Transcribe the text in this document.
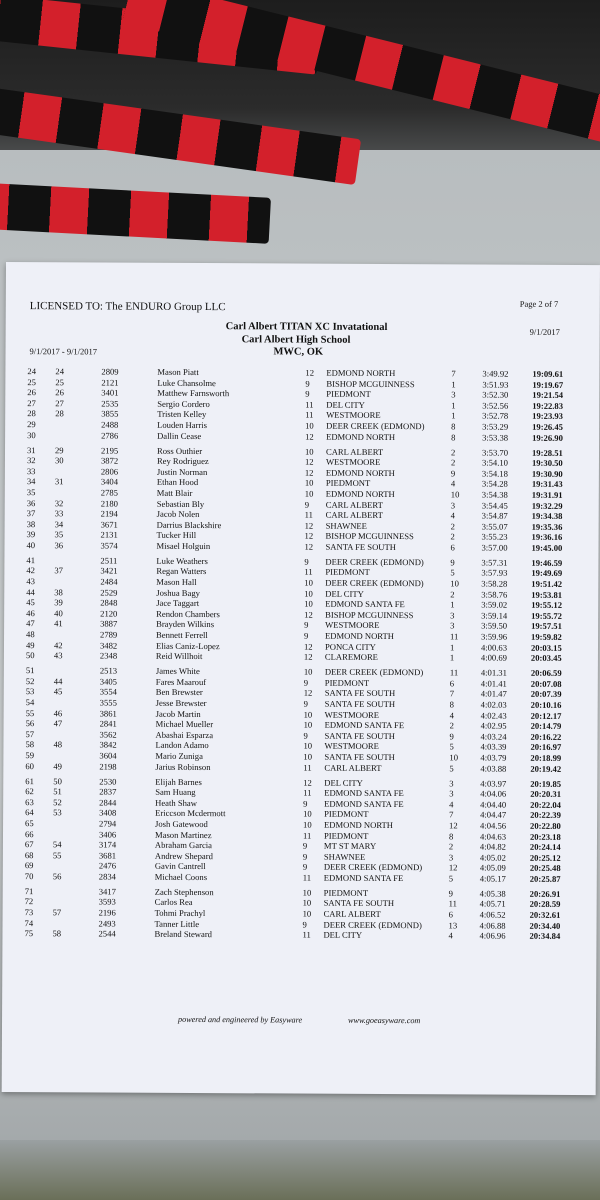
LICENSED TO: The ENDURO Group LLC	Page 2 of 7
Carl Albert TITAN XC Invatational	9/1/2017
Carl Albert High School
MWC, OK
9/1/2017 - 9/1/2017
24 24	2809	Mason Piatt	12 EDMOND NORTH	7	3:49.92	19:09.61
25 25	2121	Luke Chansolme	9 BISHOP MCGUINNESS	1	3:51.93	19:19.67
26 26	3401	Matthew Farnsworth	9 PIEDMONT	3	3:52.30	19:21.54
27 27	2535	Sergio Cordero	11 DEL CITY	1	3:52.56	19:22.83
28 28	3855	Tristen Kelley	11 WESTMOORE	1	3:52.78	19:23.93
29	2488	Louden Harris	10 DEER CREEK (EDMOND)	8	3:53.29	19:26.45
30	2786	Dallin Cease	12 EDMOND NORTH	8	3:53.38	19:26.90
31 29	2195	Ross Outhier	10 CARL ALBERT	2	3:53.70	19:28.51
32 30	3872	Rey Rodriguez	12 WESTMOORE	2	3:54.10	19:30.50
33	2806	Justin Norman	12 EDMOND NORTH	9	3:54.18	19:30.90
34 31	3404	Ethan Hood	10 PIEDMONT	4	3:54.28	19:31.43
35	2785	Matt Blair	10 EDMOND NORTH	10	3:54.38	19:31.91
36 32	2180	Sebastian Bly	9 CARL ALBERT	3	3:54.45	19:32.29
37 33	2194	Jacob Nolen	11 CARL ALBERT	4	3:54.87	19:34.38
38 34	3671	Darrius Blackshire	12 SHAWNEE	2	3:55.07	19:35.36
39 35	2131	Tucker Hill	12 BISHOP MCGUINNESS	2	3:55.23	19:36.16
40 36	3574	Misael Holguin	12 SANTA FE SOUTH	6	3:57.00	19:45.00
41	2511	Luke Weathers	9 DEER CREEK (EDMOND)	9	3:57.31	19:46.59
42 37	3421	Regan Watters	11 PIEDMONT	5	3:57.93	19:49.69
43	2484	Mason Hall	10 DEER CREEK (EDMOND)	10	3:58.28	19:51.42
44 38	2529	Joshua Bagy	10 DEL CITY	2	3:58.76	19:53.81
45 39	2848	Jace Taggart	10 EDMOND SANTA FE	1	3:59.02	19:55.12
46 40	2120	Rendon Chambers	12 BISHOP MCGUINNESS	3	3:59.14	19:55.72
47 41	3887	Brayden Wilkins	9 WESTMOORE	3	3:59.50	19:57.51
48	2789	Bennett Ferrell	9 EDMOND NORTH	11	3:59.96	19:59.82
49 42	3482	Elias Caniz-Lopez	12 PONCA CITY	1	4:00.63	20:03.15
50 43	2348	Reid Willhoit	12 CLAREMORE	1	4:00.69	20:03.45
51	2513	James White	10 DEER CREEK (EDMOND)	11	4:01.31	20:06.59
52 44	3405	Fares Maarouf	9 PIEDMONT	6	4:01.41	20:07.08
53 45	3554	Ben Brewster	12 SANTA FE SOUTH	7	4:01.47	20:07.39
54	3555	Jesse Brewster	9 SANTA FE SOUTH	8	4:02.03	20:10.16
55 46	3861	Jacob Martin	10 WESTMOORE	4	4:02.43	20:12.17
56 47	2841	Michael Mueller	10 EDMOND SANTA FE	2	4:02.95	20:14.79
57	3562	Abashai Esparza	9 SANTA FE SOUTH	9	4:03.24	20:16.22
58 48	3842	Landon Adamo	10 WESTMOORE	5	4:03.39	20:16.97
59	3604	Mario Zuniga	10 SANTA FE SOUTH	10	4:03.79	20:18.99
60 49	2198	Jarius Robinson	11 CARL ALBERT	5	4:03.88	20:19.42
61 50	2530	Elijah Barnes	12 DEL CITY	3	4:03.97	20:19.85
62 51	2837	Sam Huang	11 EDMOND SANTA FE	3	4:04.06	20:20.31
63 52	2844	Heath Shaw	9 EDMOND SANTA FE	4	4:04.40	20:22.04
64 53	3408	Ericcson Mcdermott	10 PIEDMONT	7	4:04.47	20:22.39
65	2794	Josh Gatewood	10 EDMOND NORTH	12	4:04.56	20:22.80
66	3406	Mason Martinez	11 PIEDMONT	8	4:04.63	20:23.18
67 54	3174	Abraham Garcia	9 MT ST MARY	2	4:04.82	20:24.14
68 55	3681	Andrew Shepard	9 SHAWNEE	3	4:05.02	20:25.12
69	2476	Gavin Cantrell	9 DEER CREEK (EDMOND)	12	4:05.09	20:25.48
70 56	2834	Michael Coons	11 EDMOND SANTA FE	5	4:05.17	20:25.87
71	3417	Zach Stephenson	10 PIEDMONT	9	4:05.38	20:26.91
72	3593	Carlos Rea	10 SANTA FE SOUTH	11	4:05.71	20:28.59
73 57	2196	Tohmi Prachyl	10 CARL ALBERT	6	4:06.52	20:32.61
74	2493	Tanner Little	9 DEER CREEK (EDMOND)	13	4:06.88	20:34.40
75 58	2544	Breland Steward	11 DEL CITY	4	4:06.96	20:34.84
powered and engineered by Easyware	www.goeasyware.com
